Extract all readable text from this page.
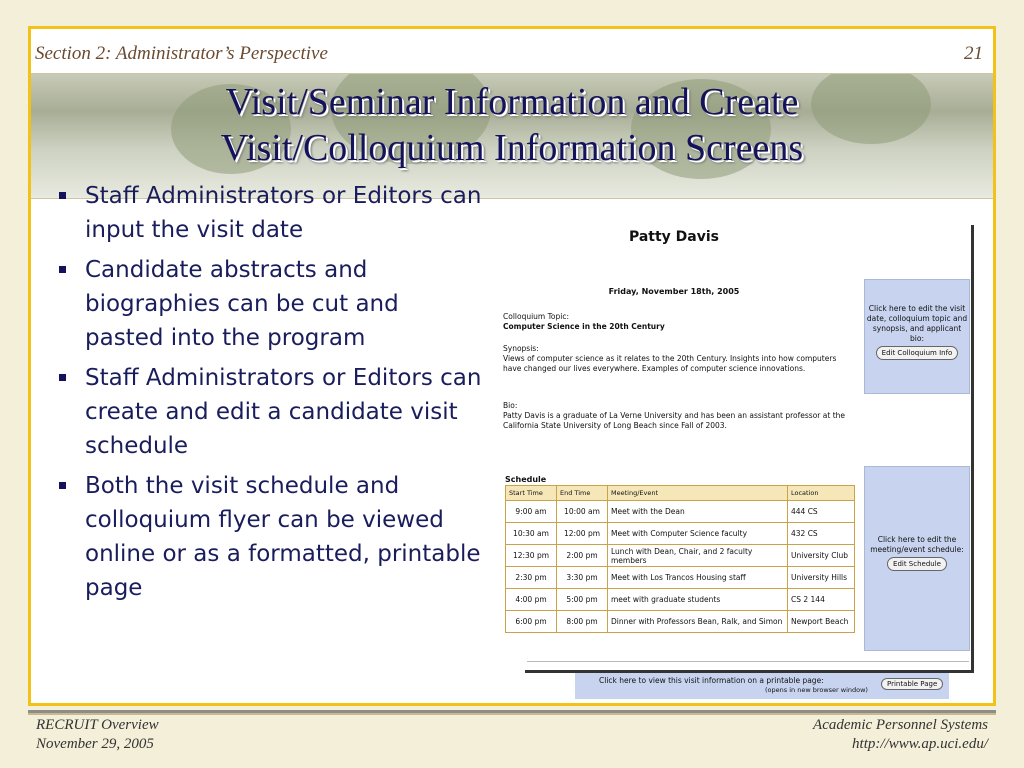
Section 2: Administrator’s Perspective	21
Visit/Seminar Information and Create
Visit/Colloquium Information Screens
Staff Administrators or Editors can input the visit date
Candidate abstracts and biographies can be cut and pasted into the program
Staff Administrators or Editors can create and edit a candidate visit schedule
Both the visit schedule and colloquium flyer can be viewed online or as a formatted, printable page
Patty Davis
Friday, November 18th, 2005
Colloquium Topic:
Computer Science in the 20th Century
Synopsis:
Views of computer science as it relates to the 20th Century. Insights into how computers have changed our lives everywhere. Examples of computer science innovations.
Bio:
Patty Davis is a graduate of La Verne University and has been an assistant professor at the California State University of Long Beach since Fall of 2003.
Click here to edit the visit date, colloquium topic and synopsis, and applicant bio:
Edit Colloquium Info
Schedule
Start Time	End Time	Meeting/Event	Location
9:00 am	10:00 am	Meet with the Dean	444 CS
10:30 am	12:00 pm	Meet with Computer Science faculty	432 CS
12:30 pm	2:00 pm	Lunch with Dean, Chair, and 2 faculty members	University Club
2:30 pm	3:30 pm	Meet with Los Trancos Housing staff	University Hills
4:00 pm	5:00 pm	meet with graduate students	CS 2 144
6:00 pm	8:00 pm	Dinner with Professors Bean, Ralk, and Simon	Newport Beach
Click here to edit the meeting/event schedule:
Edit Schedule
Click here to view this visit information on a printable page:
(opens in new browser window)
Printable Page
RECRUIT Overview
November 29, 2005
Academic Personnel Systems
http://www.ap.uci.edu/
